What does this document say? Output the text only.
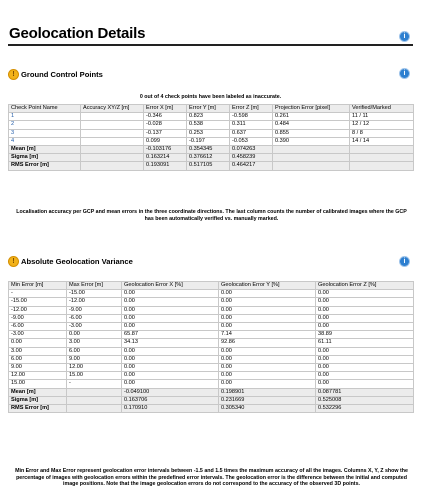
Geolocation Details	i
! Ground Control Points	i
0 out of 4 check points have been labeled as inaccurate.
Check Point Name	Accuracy XY/Z [m]	Error X [m]	Error Y [m]	Error Z [m]	Projection Error [pixel]	Verified/Marked
1		-0.346	0.823	-0.598	0.261	11 / 11
2		-0.028	0.538	0.311	0.484	12 / 12
3		-0.137	0.253	0.637	0.855	8 / 8
4		0.099	-0.197	-0.053	0.390	14 / 14
Mean [m]		-0.103176	0.354345	0.074263		
Sigma [m]		0.163214	0.376612	0.458239		
RMS Error [m]		0.193091	0.517105	0.464217		
Localisation accuracy per GCP and mean errors in the three coordinate directions. The last column counts the number of calibrated images where the GCP has been automatically verified vs. manually marked.
! Absolute Geolocation Variance	i
Min Error [m]	Max Error [m]	Geolocation Error X [%]	Geolocation Error Y [%]	Geolocation Error Z [%]
-	-15.00	0.00	0.00	0.00
-15.00	-12.00	0.00	0.00	0.00
-12.00	-9.00	0.00	0.00	0.00
-9.00	-6.00	0.00	0.00	0.00
-6.00	-3.00	0.00	0.00	0.00
-3.00	0.00	65.87	7.14	38.89
0.00	3.00	34.13	92.86	61.11
3.00	6.00	0.00	0.00	0.00
6.00	9.00	0.00	0.00	0.00
9.00	12.00	0.00	0.00	0.00
12.00	15.00	0.00	0.00	0.00
15.00	-	0.00	0.00	0.00
Mean [m]		-0.049100	0.198901	0.087781
Sigma [m]		0.163706	0.231669	0.525008
RMS Error [m]		0.170910	0.305340	0.532296
Min Error and Max Error represent geolocation error intervals between -1.5 and 1.5 times the maximum accuracy of all the images. Columns X, Y, Z show the percentage of images with geolocation errors within the predefined error intervals. The geolocation error is the difference between the initial and computed image positions. Note that the image geolocation errors do not correspond to the accuracy of the observed 3D points.
